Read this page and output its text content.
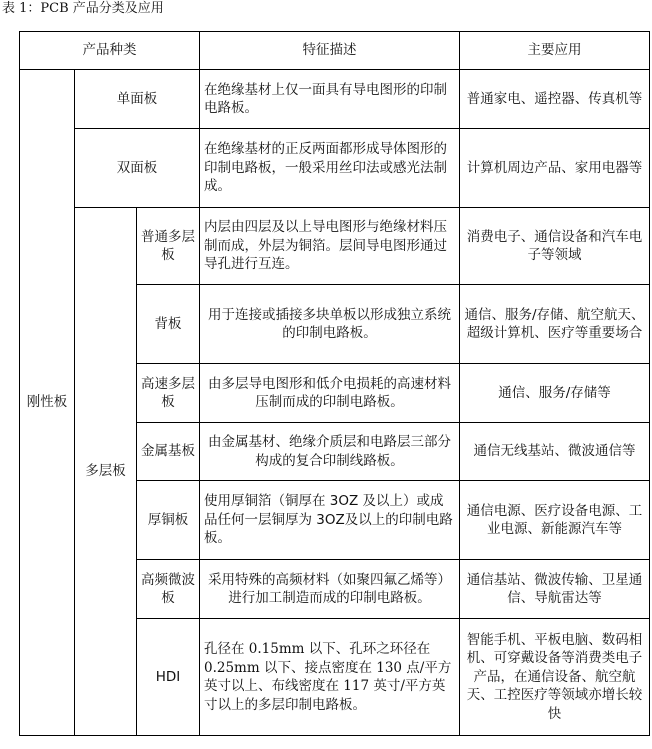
表 1：PCB 产品分类及应用
产品种类			特征描述	主要应用
刚性板	单面板		在绝缘基材上仅一面具有导电图形的印制电路板。	普通家电、遥控器、传真机等
	双面板		在绝缘基材的正反两面都形成导体图形的印制电路板，一般采用丝印法或感光法制成。	计算机周边产品、家用电器等
	多层板	普通多层板	内层由四层及以上导电图形与绝缘材料压制而成，外层为铜箔。层间导电图形通过导孔进行互连。	消费电子、通信设备和汽车电子等领域
		背板	用于连接或插接多块单板以形成独立系统的印制电路板。	通信、服务/存储、航空航天、超级计算机、医疗等重要场合
		高速多层板	由多层导电图形和低介电损耗的高速材料压制而成的印制电路板。	通信、服务/存储等
		金属基板	由金属基材、绝缘介质层和电路层三部分构成的复合印制线路板。	通信无线基站、微波通信等
		厚铜板	使用厚铜箔（铜厚在 3OZ 及以上）或成品任何一层铜厚为 3OZ及以上的印制电路板。	通信电源、医疗设备电源、工业电源、新能源汽车等
		高频微波板	采用特殊的高频材料（如聚四氟乙烯等）进行加工制造而成的印制电路板。	通信基站、微波传输、卫星通信、导航雷达等
		HDI	孔径在 0.15mm 以下、孔环之环径在 0.25mm 以下、接点密度在 130 点/平方英寸以上、布线密度在 117 英寸/平方英寸以上的多层印制电路板。	智能手机、平板电脑、数码相机、可穿戴设备等消费类电子产品，在通信设备、航空航天、工控医疗等领域亦增长较快
